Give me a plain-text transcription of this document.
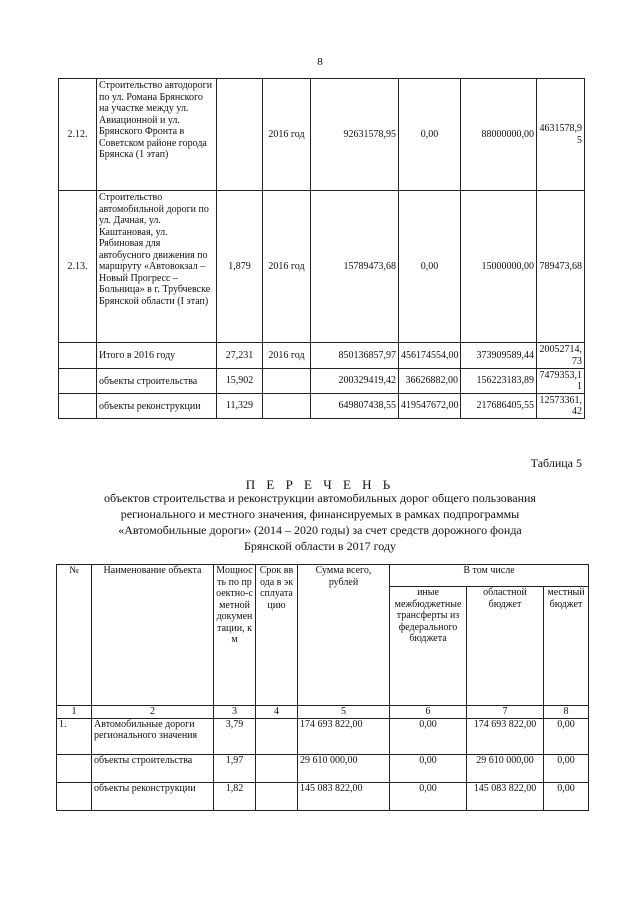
8
2.12.	Строительство автодороги по ул. Романа Брянского на участке между ул. Авиационной и ул. Брянского Фронта в Советском районе города Брянска (1 этап)		2016 год	92631578,95	0,00	88000000,00	4631578,95
2.13.	Строительство автомобильной дороги по ул. Дачная, ул. Каштановая, ул. Рябиновая для автобусного движения по маршруту «Автовокзал – Новый Прогресс – Больница» в г. Трубчевске Брянской области (I этап)	1,879	2016 год	15789473,68	0,00	15000000,00	789473,68
	Итого в 2016 году	27,231	2016 год	850136857,97	456174554,00	373909589,44	20052714,73
	объекты строительства	15,902		200329419,42	36626882,00	156223183,89	7479353,11
	объекты реконструкции	11,329		649807438,55	419547672,00	217686405,55	12573361,42
Таблица 5
П Е Р Е Ч Е Н Ь
объектов строительства и реконструкции автомобильных дорог общего пользования
регионального и местного значения, финансируемых в рамках подпрограммы
«Автомобильные дороги» (2014 – 2020 годы) за счет средств дорожного фонда
Брянской области в 2017 году
№	Наименование объекта	Мощность по проектно-сметной документации, км	Срок ввода в эксплуатацию	Сумма всего, рублей	В том числе		
					иные межбюджетные трансферты из федерального бюджета	областной бюджет	местный бюджет
1	2	3	4	5	6	7	8
1.	Автомобильные дороги регионального значения	3,79		174 693 822,00	0,00	174 693 822,00	0,00
	объекты строительства	1,97		29 610 000,00	0,00	29 610 000,00	0,00
	объекты реконструкции	1,82		145 083 822,00	0,00	145 083 822,00	0,00
